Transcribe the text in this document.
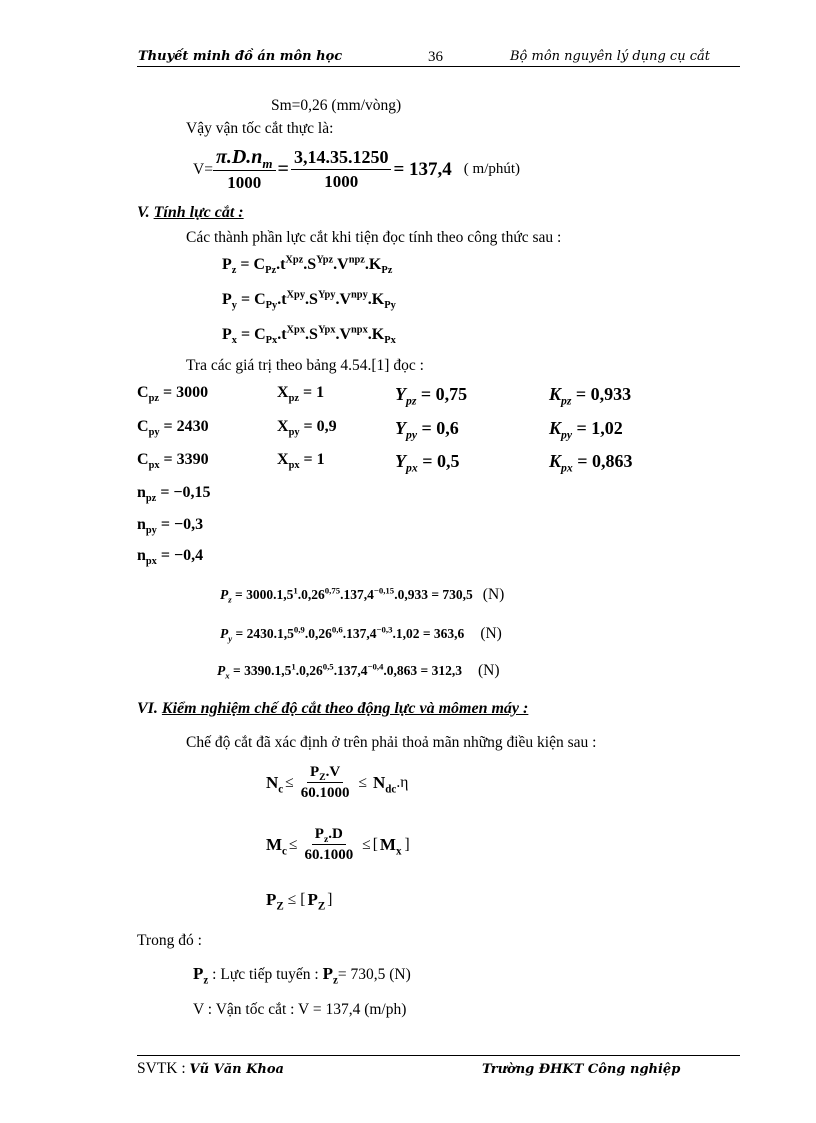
Thuyết minh đồ án môn học	36	Bộ môn nguyên lý dụng cụ cắt
Sm=0,26 (mm/vòng)
Vậy vận tốc cắt thực là:
$V= \frac{\pi.D.n_m}{1000} = \frac{3,14.35.1250}{1000} = 137,4$ ( m/phút)
V. Tính lực cắt :
Các thành phần lực cắt khi tiện đọc tính theo công thức sau :
$P_z = C_{Pz}.t^{Xpz}.S^{Ypz}.V^{npz}.K_{Pz}$
$P_y = C_{Py}.t^{Xpy}.S^{Ypy}.V^{npy}.K_{Py}$
$P_x = C_{Px}.t^{Xpx}.S^{Ypx}.V^{npx}.K_{Px}$
Tra các giá trị theo bảng 4.54.[1] đọc :
$C_{pz} = 3000$	$X_{pz} = 1$	$Y_{pz} = 0,75$	$K_{pz} = 0,933$
$C_{py} = 2430$	$X_{py} = 0,9$	$Y_{py} = 0,6$	$K_{py} = 1,02$
$C_{px} = 3390$	$X_{px} = 1$	$Y_{px} = 0,5$	$K_{px} = 0,863$
$n_{pz} = -0,15$
$n_{py} = -0,3$
$n_{px} = -0,4$
$P_z = 3000.1,5^1.0,26^{0,75}.137,4^{-0,15}.0,933 = 730,5$ (N)
$P_y = 2430.1,5^{0,9}.0,26^{0,6}.137,4^{-0,3}.1,02 = 363,6$ (N)
$P_x = 3390.1,5^1.0,26^{0,5}.137,4^{-0,4}.0,863 = 312,3$ (N)
VI. Kiểm nghiệm chế độ cắt theo động lực và mômen máy :
Chế độ cắt đã xác định ở trên phải thoả mãn những điều kiện sau :
$N_c \le \frac{P_Z.V}{60.1000} \le N_{dc}$ .η
$M_c \le \frac{P_z.D}{60.1000}$ ≤ [ $M_x$ ]
$P_Z$ ≤ [ $P_Z$ ]
Trong đó :
$P_z$ : Lực tiếp tuyến : $P_z= 730,5$ (N)
V : Vận tốc cắt : V = 137,4 (m/ph)
SVTK : Vũ Văn Khoa	Trường ĐHKT Công nghiệp
